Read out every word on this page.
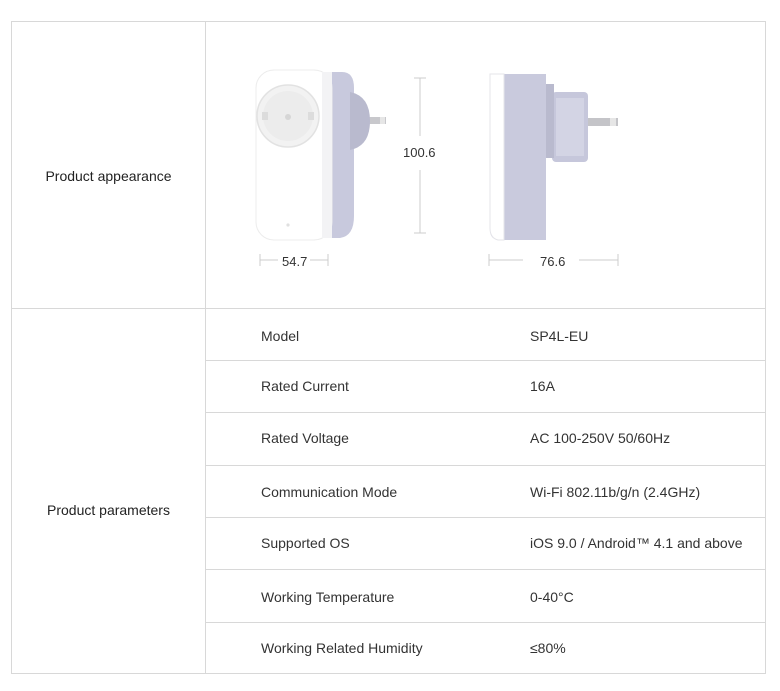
Product appearance
Product parameters
100.6
54.7	76.6
Model	SP4L-EU
Rated Current	16A
Rated Voltage	AC 100-250V 50/60Hz
Communication Mode	Wi-Fi 802.11b/g/n (2.4GHz)
Supported OS	iOS 9.0 / Android™ 4.1 and above
Working Temperature	0-40°C
Working Related Humidity	≤80%
